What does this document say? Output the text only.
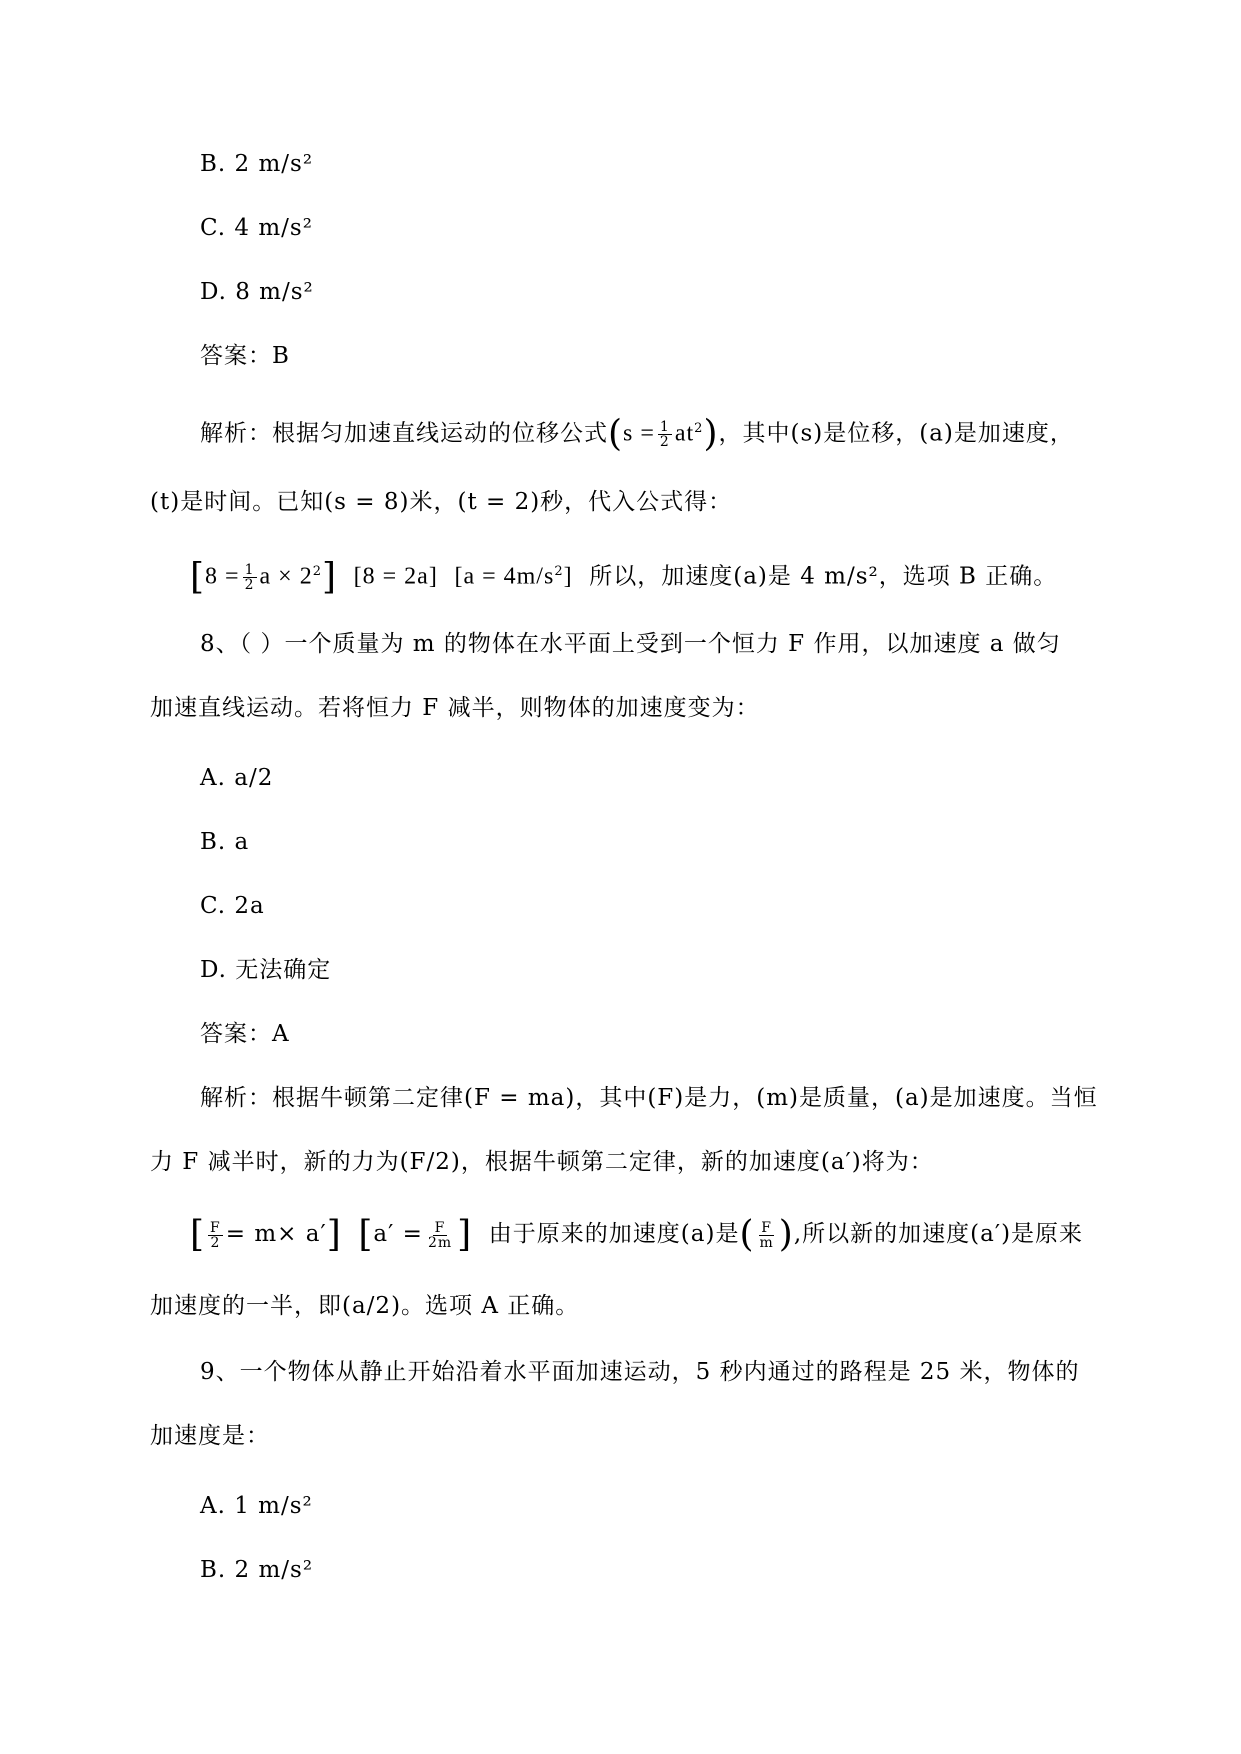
B. 2 m/s²
C. 4 m/s²
D. 8 m/s²
答案：B
解析：根据匀加速直线运动的位移公式$(s = \frac{1}{2} at^2)$，其中(s)是位移，(a)是加速度，
(t)是时间。已知(s = 8)米，(t = 2)秒，代入公式得：
[$8 = \frac{1}{2}$ $a \times 2^2$] [8 = 2a] $[a = 4m/s^2]$ 所以，加速度(a)是 4 m/s²，选项 B 正确。
8、（ ）一个质量为 m 的物体在水平面上受到一个恒力 F 作用，以加速度 a 做匀
加速直线运动。若将恒力 F 减半，则物体的加速度变为：
A. a/2
B. a
C. 2a
D. 无法确定
答案：A
解析：根据牛顿第二定律(F = ma)，其中(F)是力，(m)是质量，(a)是加速度。当恒
力 F 减半时，新的力为(F/2)，根据牛顿第二定律，新的加速度(a′)将为：
[ $\frac{F}{2} = m\times a'$] [$a' = \frac{F}{2m}$ ] 由于原来的加速度(a)是( $\frac{F}{m}$ ),所以新的加速度(a′)是原来
加速度的一半，即(a/2)。选项 A 正确。
9、一个物体从静止开始沿着水平面加速运动，5 秒内通过的路程是 25 米，物体的
加速度是：
A. 1 m/s²
B. 2 m/s²
